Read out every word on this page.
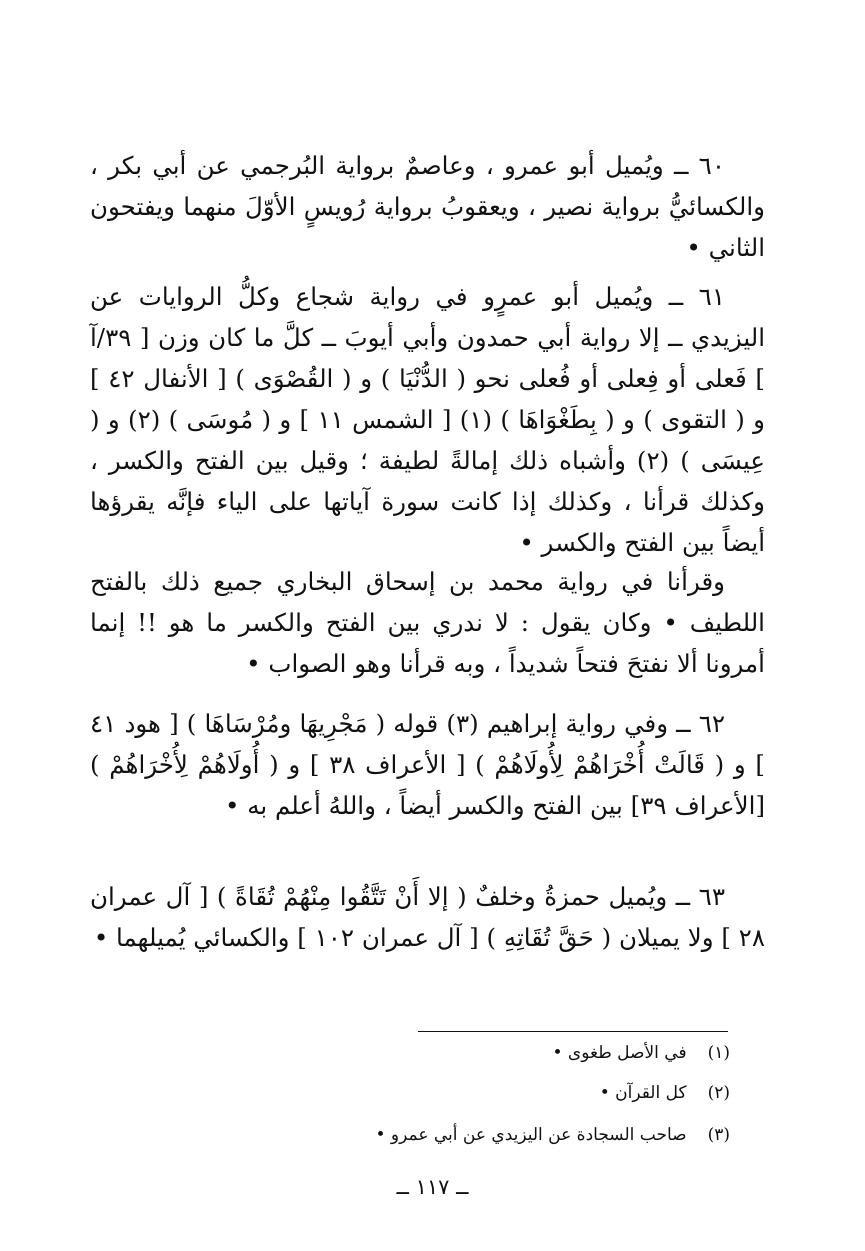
٦٠ ــ ويُميل أبو عمرو ، وعاصمٌ برواية البُرجمي عن أبي بكر ، والكسائيُّ برواية نصير ، ويعقوبُ برواية رُويسٍ الأوّلَ منهما ويفتحون الثاني •

٦١ ــ ويُميل أبو عمرٍو في رواية شجاع وكلُّ الروايات عن اليزيدي ــ إلا رواية أبي حمدون وأبي أيوبَ ــ كلَّ ما كان وزن [ ٣٩/آ ] فَعلى أو فِعلى أو فُعلى نحو ( الدُّنْيَا ) و ( القُصْوَى ) [ الأنفال ٤٢ ] و ( التقوى ) و ( بِطَغْوَاهَا ) (١) [ الشمس ١١ ] و ( مُوسَى ) (٢) و ( عِيسَى ) (٢) وأشباه ذلك إمالةً لطيفة ؛ وقيل بين الفتح والكسر ، وكذلك قرأنا ، وكذلك إذا كانت سورة آياتها على الياء فإنَّه يقرؤها أيضاً بين الفتح والكسر •

وقرأنا في رواية محمد بن إسحاق البخاري جميع ذلك بالفتح اللطيف • وكان يقول : لا ندري بين الفتح والكسر ما هو !! إنما أمرونا ألا نفتحَ فتحاً شديداً ، وبه قرأنا وهو الصواب •

٦٢ ــ وفي رواية إبراهيم (٣) قوله ( مَجْرِيهَا ومُرْسَاهَا ) [ هود ٤١ ] و ( قَالَتْ أُخْرَاهُمْ لِأُولَاهُمْ ) [ الأعراف ٣٨ ] و ( أُولَاهُمْ لِأُخْرَاهُمْ ) [الأعراف ٣٩] بين الفتح والكسر أيضاً ، واللهُ أعلم به •

٦٣ ــ ويُميل حمزةُ وخلفٌ ( إلا أَنْ تَتَّقُوا مِنْهُمْ تُقَاةً ) [ آل عمران ٢٨ ] ولا يميلان ( حَقَّ تُقَاتِهِ ) [ آل عمران ١٠٢ ] والكسائي يُميلهما •

(١) في الأصل طغوى •
(٢) كل القرآن •
(٣) صاحب السجادة عن اليزيدي عن أبي عمرو •
ــ ١١٧ ــ
